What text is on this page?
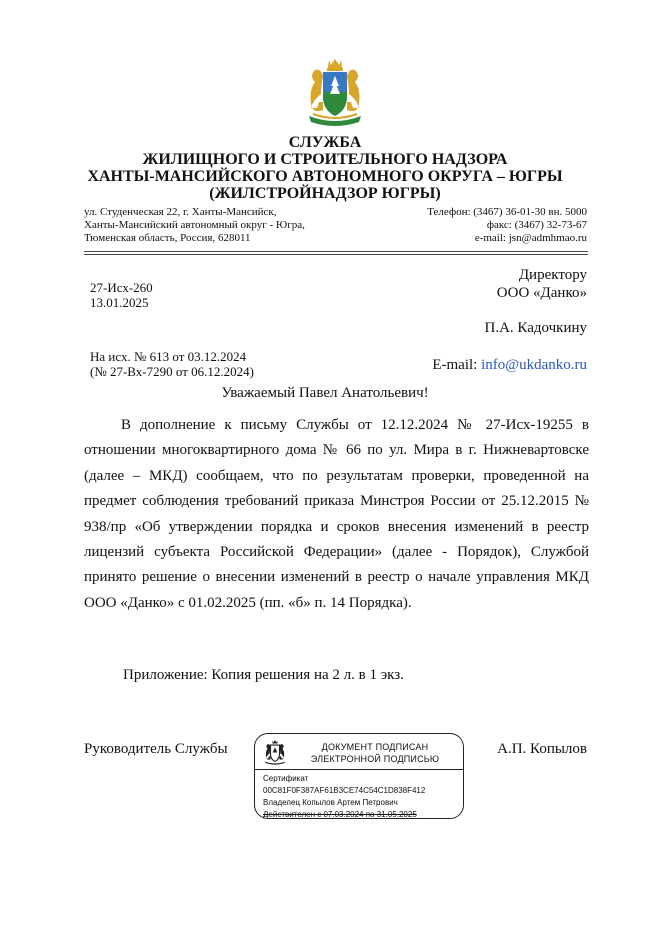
СЛУЖБА
ЖИЛИЩНОГО И СТРОИТЕЛЬНОГО НАДЗОРА
ХАНТЫ-МАНСИЙСКОГО АВТОНОМНОГО ОКРУГА – ЮГРЫ
(ЖИЛСТРОЙНАДЗОР ЮГРЫ)
ул. Студенческая 22, г. Ханты-Мансийск,
Ханты-Мансийский автономный округ - Югра,
Тюменская область, Россия, 628011
Телефон: (3467) 36-01-30 вн. 5000
факс: (3467) 32-73-67
e-mail: jsn@admhmao.ru
27-Исх-260
13.01.2025
На исх. № 613 от 03.12.2024
(№ 27-Вх-7290 от 06.12.2024)
Директору
ООО «Данко»
П.А. Кадочкину
E-mail: info@ukdanko.ru
Уважаемый Павел Анатольевич!

В дополнение к письму Службы от 12.12.2024 № 27-Исх-19255 в отношении многоквартирного дома № 66 по ул. Мира в г. Нижневартовске (далее – МКД) сообщаем, что по результатам проверки, проведенной на предмет соблюдения требований приказа Минстроя России от 25.12.2015 № 938/пр «Об утверждении порядка и сроков внесения изменений в реестр лицензий субъекта Российской Федерации» (далее - Порядок), Службой принято решение о внесении изменений в реестр о начале управления МКД ООО «Данко» с 01.02.2025 (пп. «б» п. 14 Порядка).

Приложение: Копия решения на 2 л. в 1 экз.
Руководитель Службы	А.П. Копылов
ДОКУМЕНТ ПОДПИСАН
ЭЛЕКТРОННОЙ ПОДПИСЬЮ
Сертификат
00C81F0F387AF61B3CE74C54C1D838F412
Владелец Копылов Артем Петрович
Действителен с 07.03.2024 по 31.05.2025
